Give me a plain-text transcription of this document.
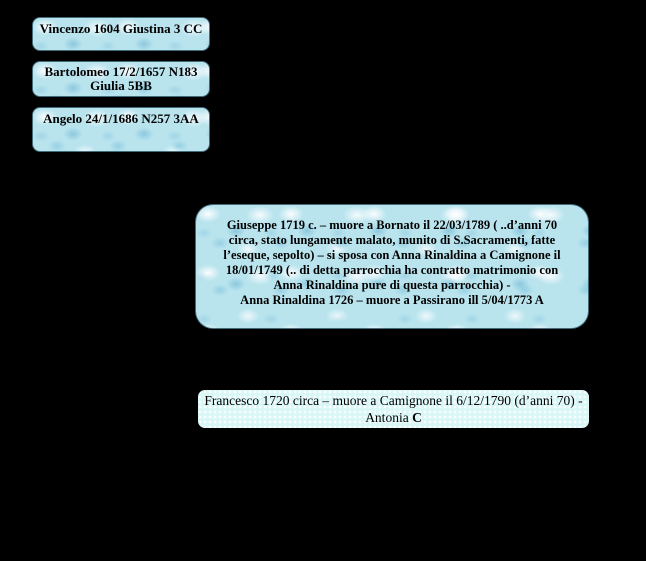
Vincenzo 1604 Giustina 3 CC
Bartolomeo 17/2/1657 N183
Giulia 5BB
Angelo 24/1/1686 N257 3AA
Giuseppe 1719 c. – muore a Bornato il 22/03/1789 ( ..d’anni 70
circa, stato lungamente malato, munito di S.Sacramenti, fatte
l’eseque, sepolto) – si sposa con Anna Rinaldina a Camignone il
18/01/1749 (.. di detta parrocchia ha contratto matrimonio con
Anna Rinaldina pure di questa parrocchia) -
Anna Rinaldina 1726 – muore a Passirano ill 5/04/1773 A
Francesco 1720 circa – muore a Camignone il 6/12/1790 (d’anni 70) -
Antonia C
